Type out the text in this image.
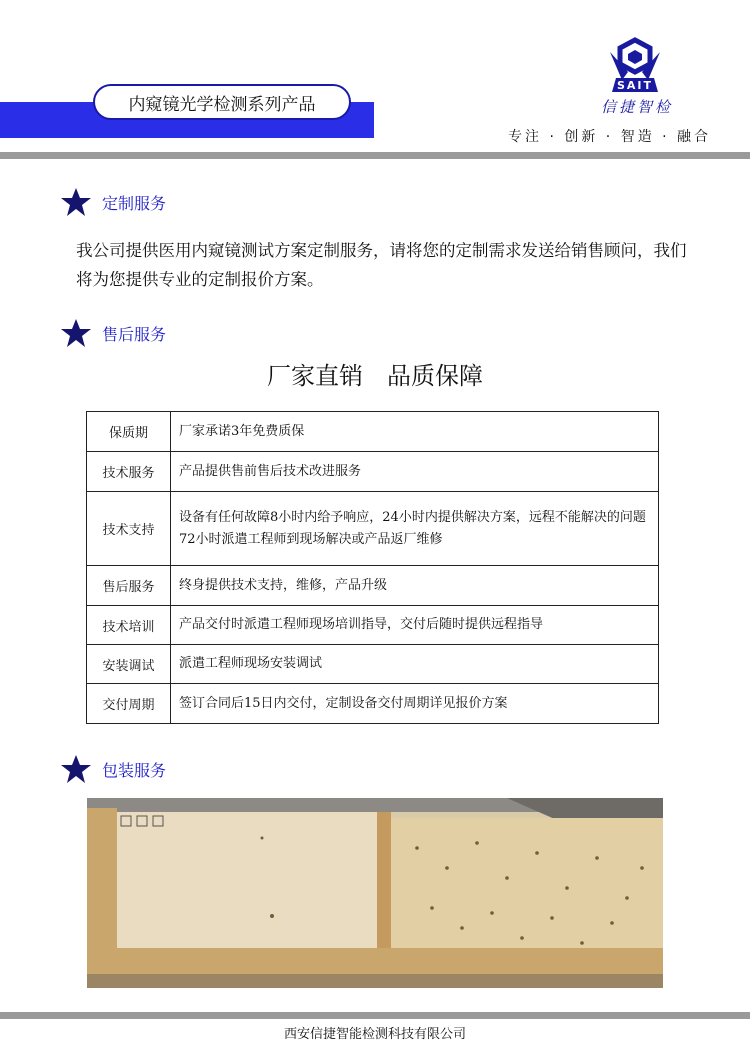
内窥镜光学检测系列产品
SAIT
信捷智检
专注 · 创新 · 智造 · 融合
定制服务
我公司提供医用内窥镜测试方案定制服务，请将您的定制需求发送给销售顾问，我们将为您提供专业的定制报价方案。
售后服务
厂家直销　品质保障
保质期	厂家承诺3年免费质保
技术服务	产品提供售前售后技术改进服务
技术支持	设备有任何故障8小时内给予响应，24小时内提供解决方案，远程不能解决的问题72小时派遣工程师到现场解决或产品返厂维修
售后服务	终身提供技术支持，维修，产品升级
技术培训	产品交付时派遣工程师现场培训指导，交付后随时提供远程指导
安装调试	派遣工程师现场安装调试
交付周期	签订合同后15日内交付，定制设备交付周期详见报价方案
包装服务
西安信捷智能检测科技有限公司
